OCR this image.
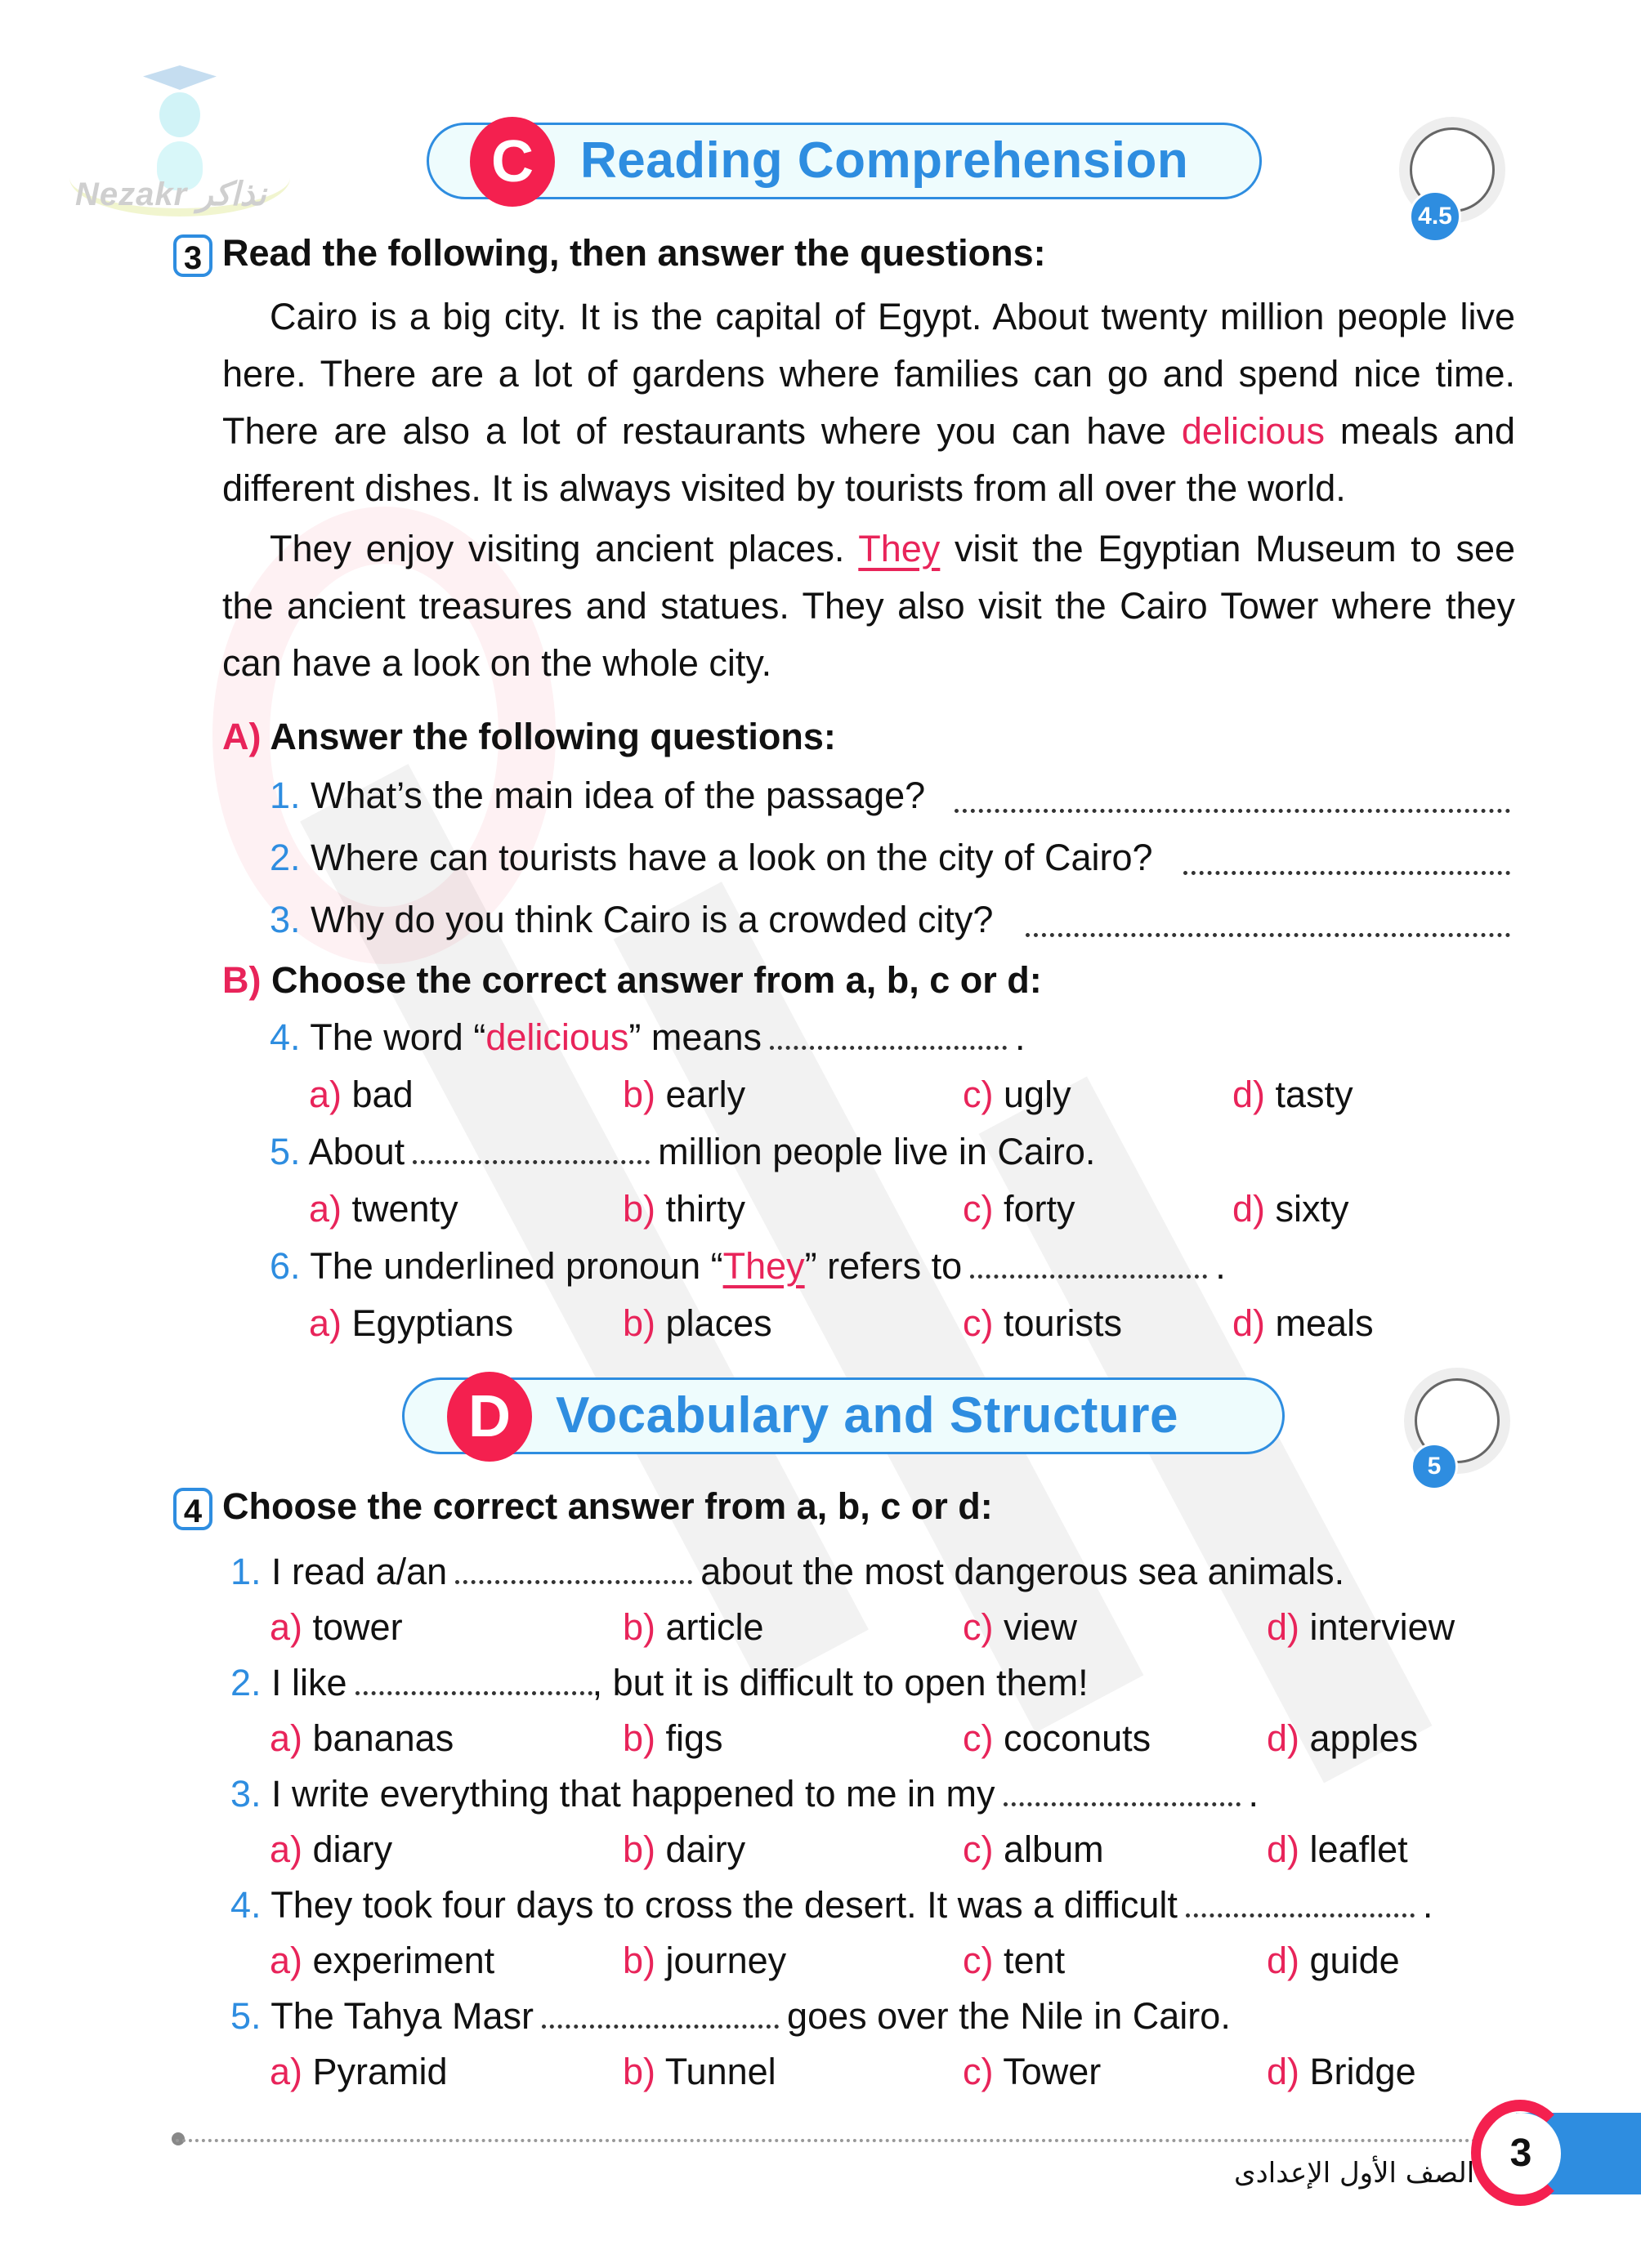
Nezakr نذاكر	C Reading Comprehension
4.5
3 Read the following, then answer the questions:

Cairo is a big city. It is the capital of Egypt. About twenty million people live here. There are a lot of gardens where families can go and spend nice time. There are also a lot of restaurants where you can have delicious meals and different dishes. It is always visited by tourists from all over the world.

They enjoy visiting ancient places. They visit the Egyptian Museum to see the ancient treasures and statues. They also visit the Cairo Tower where they can have a look on the whole city.

A) Answer the following questions:
1. What’s the main idea of the passage?
2. Where can tourists have a look on the city of Cairo?
3. Why do you think Cairo is a crowded city?
B) Choose the correct answer from a, b, c or d:
4. The word “delicious” means	.
a) bad	b) early	c) ugly	d) tasty
5. About	million people live in Cairo.
a) twenty	b) thirty	c) forty	d) sixty
6. The underlined pronoun “They” refers to	.
a) Egyptians	b) places	c) tourists	d) meals
D Vocabulary and Structure
5
4 Choose the correct answer from a, b, c or d:
1. I read a/an	about the most dangerous sea animals.
a) tower	b) article	c) view	d) interview
2. I like	, but it is difficult to open them!
a) bananas	b) figs	c) coconuts	d) apples
3. I write everything that happened to me in my	.
a) diary	b) dairy	c) album	d) leaflet
4. They took four days to cross the desert. It was a difficult	.
a) experiment	b) journey	c) tent	d) guide
5. The Tahya Masr	goes over the Nile in Cairo.
a) Pyramid	b) Tunnel	c) Tower	d) Bridge
3
الصف الأول الإعدادى
